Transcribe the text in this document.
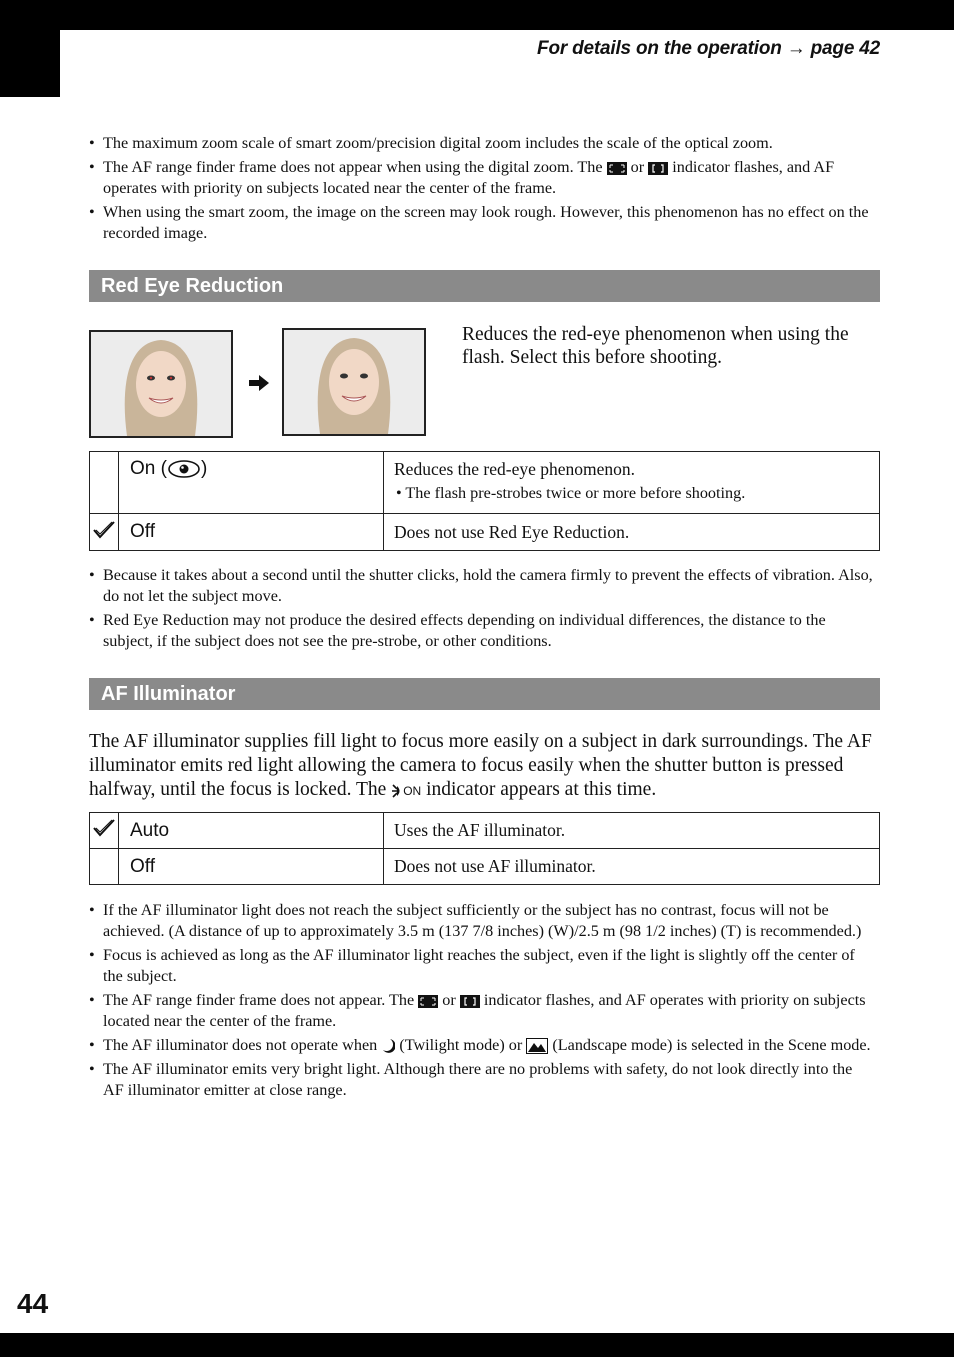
For details on the operation → page 42
• The maximum zoom scale of smart zoom/precision digital zoom includes the scale of the optical zoom.
• The AF range finder frame does not appear when using the digital zoom. The  or  indicator flashes, and AF operates with priority on subjects located near the center of the frame.
• When using the smart zoom, the image on the screen may look rough. However, this phenomenon has no effect on the recorded image.
Red Eye Reduction
Reduces the red-eye phenomenon when using the flash. Select this before shooting.
	On ( )	Reduces the red-eye phenomenon.
• The flash pre-strobes twice or more before shooting.

	Off	Does not use Red Eye Reduction.
• Because it takes about a second until the shutter clicks, hold the camera firmly to prevent the effects of vibration. Also, do not let the subject move.
• Red Eye Reduction may not produce the desired effects depending on individual differences, the distance to the subject, if the subject does not see the pre-strobe, or other conditions.
AF Illuminator
The AF illuminator supplies fill light to focus more easily on a subject in dark surroundings. The AF illuminator emits red light allowing the camera to focus easily when the shutter button is pressed halfway, until the focus is locked. The ON indicator appears at this time.
	Auto	Uses the AF illuminator.
	Off	Does not use AF illuminator.
• If the AF illuminator light does not reach the subject sufficiently or the subject has no contrast, focus will not be achieved. (A distance of up to approximately 3.5 m (137 7/8 inches) (W)/2.5 m (98 1/2 inches) (T) is recommended.)
• Focus is achieved as long as the AF illuminator light reaches the subject, even if the light is slightly off the center of the subject.
• The AF range finder frame does not appear. The  or  indicator flashes, and AF operates with priority on subjects located near the center of the frame.
• The AF illuminator does not operate when  (Twilight mode) or  (Landscape mode) is selected in the Scene mode.
• The AF illuminator emits very bright light. Although there are no problems with safety, do not look directly into the AF illuminator emitter at close range.
44
